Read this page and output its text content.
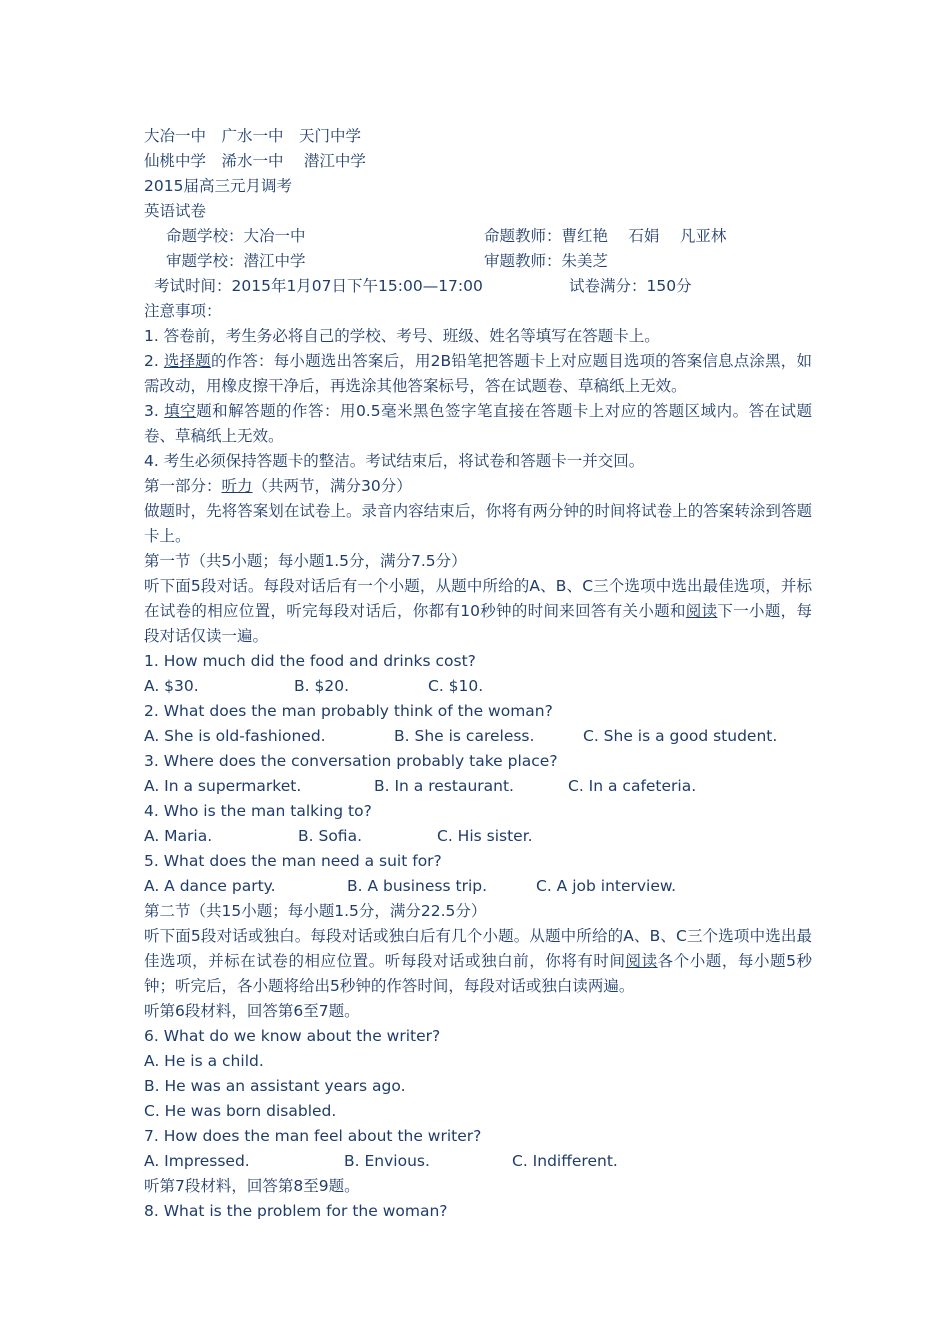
大冶一中　广水一中　天门中学
仙桃中学　浠水一中　 潜江中学
2015届高三元月调考
英语试卷
命题学校：大冶一中	命题教师：曹红艳　 石娟　 凡亚林
审题学校：潜江中学	审题教师：朱美芝
考试时间：2015年1月07日下午15:00—17:00	试卷满分：150分
注意事项：
1. 答卷前，考生务必将自己的学校、考号、班级、姓名等填写在答题卡上。
2. 选择题的作答：每小题选出答案后，用2B铅笔把答题卡上对应题目选项的答案信息点涂黑，如需改动，用橡皮擦干净后，再选涂其他答案标号，答在试题卷、草稿纸上无效。
3. 填空题和解答题的作答：用0.5毫米黑色签字笔直接在答题卡上对应的答题区域内。答在试题卷、草稿纸上无效。
4. 考生必须保持答题卡的整洁。考试结束后，将试卷和答题卡一并交回。
第一部分：听力（共两节，满分30分）
做题时，先将答案划在试卷上。录音内容结束后，你将有两分钟的时间将试卷上的答案转涂到答题卡上。
第一节（共5小题；每小题1.5分，满分7.5分）
听下面5段对话。每段对话后有一个小题，从题中所给的A、B、C三个选项中选出最佳选项，并标在试卷的相应位置，听完每段对话后，你都有10秒钟的时间来回答有关小题和阅读下一小题，每段对话仅读一遍。
1. How much did the food and drinks cost?
A. $30.	B. $20.	C. $10.
2. What does the man probably think of the woman?
A. She is old-fashioned.	B. She is careless.	C. She is a good student.
3. Where does the conversation probably take place?
A. In a supermarket.	B. In a restaurant.	C. In a cafeteria.
4. Who is the man talking to?
A. Maria.	B. Sofia.	C. His sister.
5. What does the man need a suit for?
A. A dance party.	B. A business trip.	C. A job interview.
第二节（共15小题；每小题1.5分，满分22.5分）
听下面5段对话或独白。每段对话或独白后有几个小题。从题中所给的A、B、C三个选项中选出最佳选项，并标在试卷的相应位置。听每段对话或独白前，你将有时间阅读各个小题，每小题5秒钟；听完后，各小题将给出5秒钟的作答时间，每段对话或独白读两遍。
听第6段材料，回答第6至7题。
6. What do we know about the writer?
A. He is a child.
B. He was an assistant years ago.
C. He was born disabled.
7. How does the man feel about the writer?
A. Impressed.	B. Envious.	C. Indifferent.
听第7段材料，回答第8至9题。
8. What is the problem for the woman?
